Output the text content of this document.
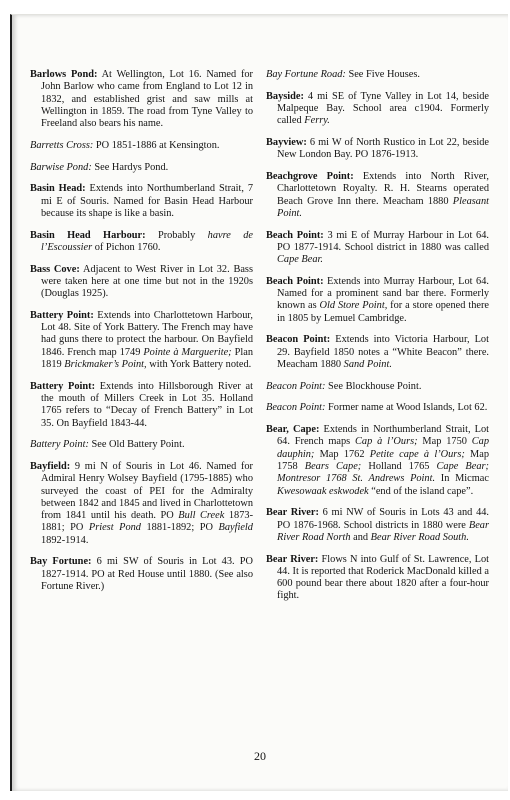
Barlows Pond: At Wellington, Lot 16. Named for John Barlow who came from England to Lot 12 in 1832, and established grist and saw mills at Wellington in 1859. The road from Tyne Valley to Freeland also bears his name.

Barretts Cross: PO 1851-1886 at Kensington.

Barwise Pond: See Hardys Pond.

Basin Head: Extends into Northumberland Strait, 7 mi E of Souris. Named for Basin Head Harbour because its shape is like a basin.

Basin Head Harbour: Probably havre de l’Escoussier of Pichon 1760.

Bass Cove: Adjacent to West River in Lot 32. Bass were taken here at one time but not in the 1920s (Douglas 1925).

Battery Point: Extends into Charlottetown Harbour, Lot 48. Site of York Battery. The French may have had guns there to protect the harbour. On Bayfield 1846. French map 1749 Pointe à Marguerite; Plan 1819 Brickmaker’s Point, with York Battery noted.

Battery Point: Extends into Hillsborough River at the mouth of Millers Creek in Lot 35. Holland 1765 refers to “Decay of French Battery” in Lot 35. On Bayfield 1843-44.

Battery Point: See Old Battery Point.

Bayfield: 9 mi N of Souris in Lot 46. Named for Admiral Henry Wolsey Bayfield (1795-1885) who surveyed the coast of PEI for the Admiralty between 1842 and 1845 and lived in Charlottetown from 1841 until his death. PO Bull Creek 1873-1881; PO Priest Pond 1881-1892; PO Bayfield 1892-1914.

Bay Fortune: 6 mi SW of Souris in Lot 43. PO 1827-1914. PO at Red House until 1880. (See also Fortune River.)

Bay Fortune Road: See Five Houses.

Bayside: 4 mi SE of Tyne Valley in Lot 14, beside Malpeque Bay. School area c1904. Formerly called Ferry.

Bayview: 6 mi W of North Rustico in Lot 22, beside New London Bay. PO 1876-1913.

Beachgrove Point: Extends into North River, Charlottetown Royalty. R. H. Stearns operated Beach Grove Inn there. Meacham 1880 Pleasant Point.

Beach Point: 3 mi E of Murray Harbour in Lot 64. PO 1877-1914. School district in 1880 was called Cape Bear.

Beach Point: Extends into Murray Harbour, Lot 64. Named for a prominent sand bar there. Formerly known as Old Store Point, for a store opened there in 1805 by Lemuel Cambridge.

Beacon Point: Extends into Victoria Harbour, Lot 29. Bayfield 1850 notes a “White Beacon” there. Meacham 1880 Sand Point.

Beacon Point: See Blockhouse Point.

Beacon Point: Former name at Wood Islands, Lot 62.

Bear, Cape: Extends in Northumberland Strait, Lot 64. French maps Cap à l’Ours; Map 1750 Cap dauphin; Map 1762 Petite cape à l’Ours; Map 1758 Bears Cape; Holland 1765 Cape Bear; Montresor 1768 St. Andrews Point. In Micmac Kwesowaak eskwodek “end of the island cape”.

Bear River: 6 mi NW of Souris in Lots 43 and 44. PO 1876-1968. School districts in 1880 were Bear River Road North and Bear River Road South.

Bear River: Flows N into Gulf of St. Lawrence, Lot 44. It is reported that Roderick MacDonald killed a 600 pound bear there about 1820 after a four-hour fight.

20
